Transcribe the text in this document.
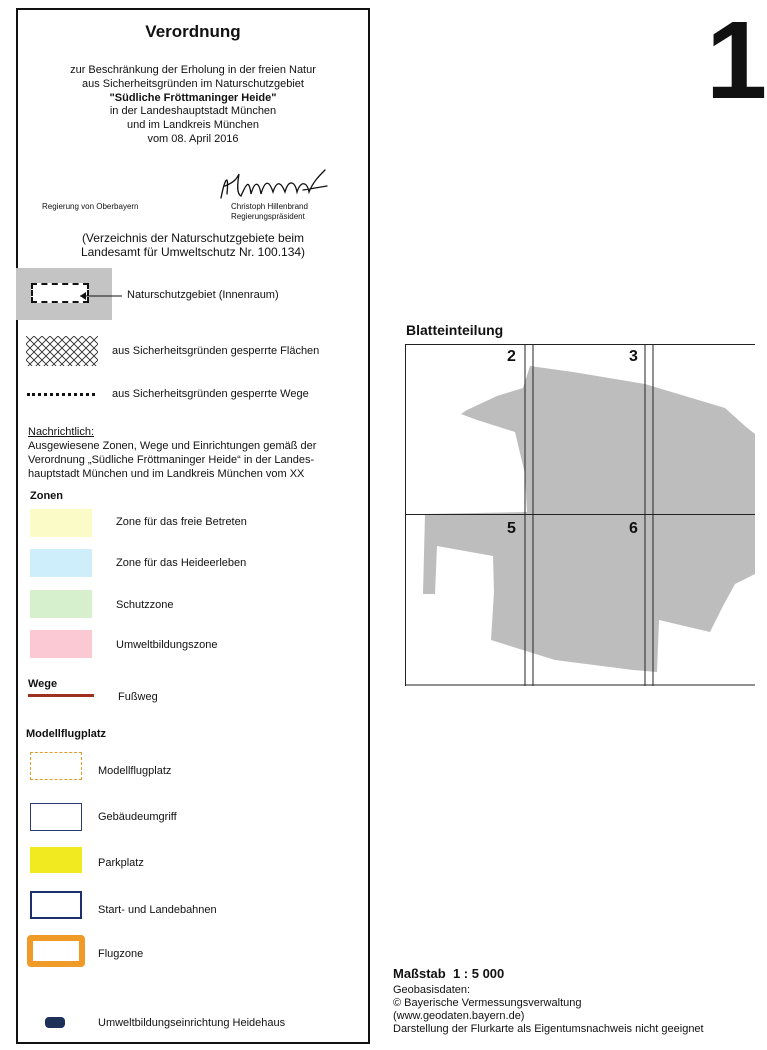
Verordnung
zur Beschränkung der Erholung in der freien Natur
aus Sicherheitsgründen im Naturschutzgebiet
"Südliche Fröttmaninger Heide"
in der Landeshauptstadt München
und im Landkreis München
vom 08. April 2016
Regierung von Oberbayern	Christoph Hillenbrand
Regierungspräsident
(Verzeichnis der Naturschutzgebiete beim
Landesamt für Umweltschutz Nr. 100.134)
Naturschutzgebiet (Innenraum)
aus Sicherheitsgründen gesperrte Flächen
aus Sicherheitsgründen gesperrte Wege
Nachrichtlich:
Ausgewiesene Zonen, Wege und Einrichtungen gemäß der
Verordnung „Südliche Fröttmaninger Heide“ in der Landes-
hauptstadt München und im Landkreis München vom XX
Zonen
Zone für das freie Betreten
Zone für das Heideerleben
Schutzzone
Umweltbildungszone
Wege
Fußweg
Modellflugplatz
Modellflugplatz
Gebäudeumgriff
Parkplatz
Start- und Landebahnen
Flugzone
Umweltbildungseinrichtung Heidehaus
1
Blatteinteilung
2	3
5	6
Maßstab  1 : 5 000
Geobasisdaten:
© Bayerische Vermessungsverwaltung
(www.geodaten.bayern.de)
Darstellung der Flurkarte als Eigentumsnachweis nicht geeignet
